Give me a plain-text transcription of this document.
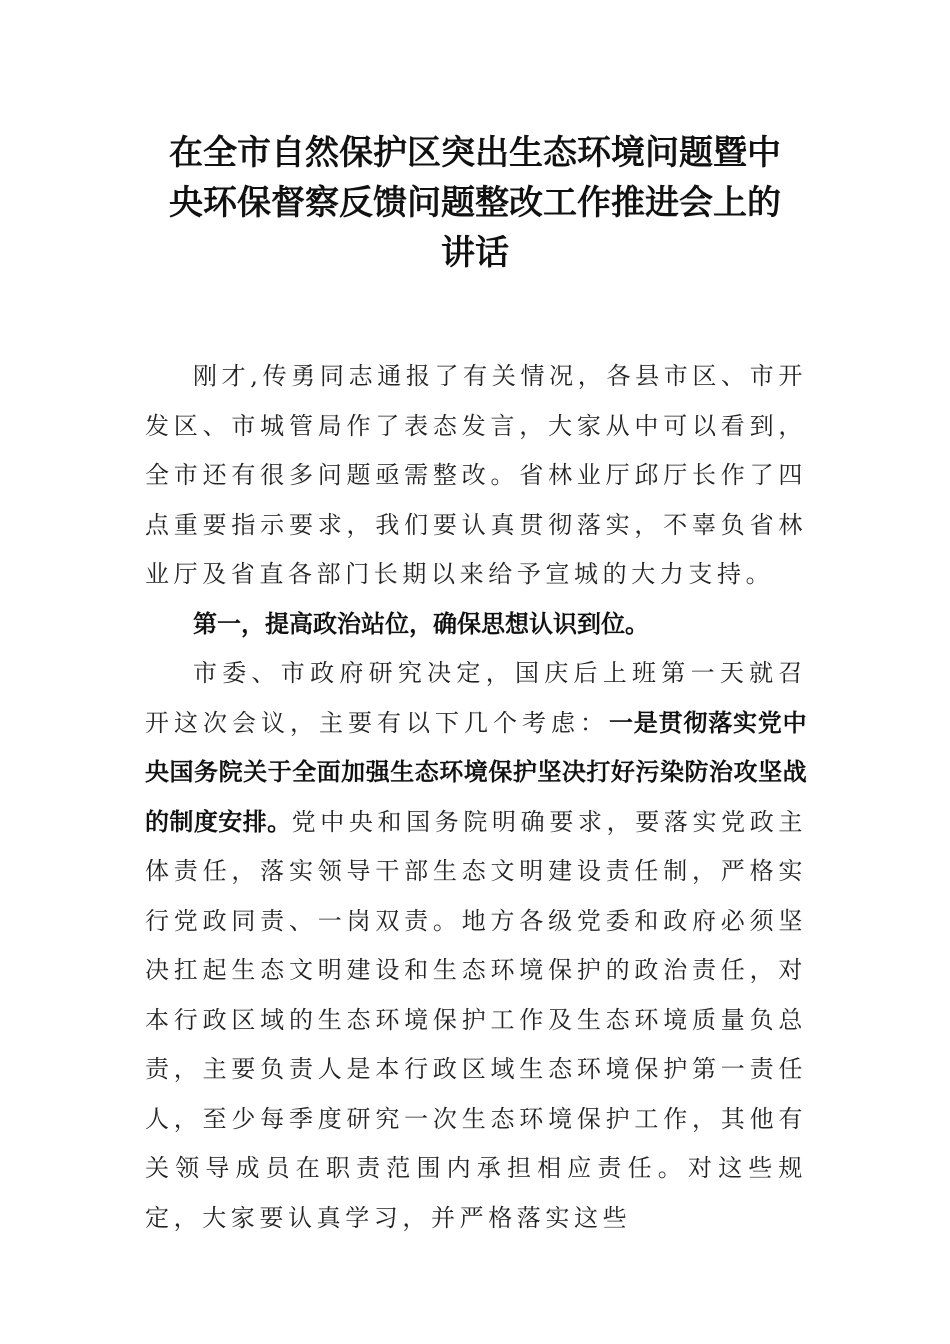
在全市自然保护区突出生态环境问题暨中
央环保督察反馈问题整改工作推进会上的
讲话

刚才,传勇同志通报了有关情况，各县市区、市开发区、市城管局作了表态发言，大家从中可以看到，全市还有很多问题亟需整改。省林业厅邱厅长作了四点重要指示要求，我们要认真贯彻落实，不辜负省林业厅及省直各部门长期以来给予宣城的大力支持。

第一，提高政治站位，确保思想认识到位。

市委、市政府研究决定，国庆后上班第一天就召开这次会议，主要有以下几个考虑：一是贯彻落实党中央国务院关于全面加强生态环境保护坚决打好污染防治攻坚战的制度安排。党中央和国务院明确要求，要落实党政主体责任，落实领导干部生态文明建设责任制，严格实行党政同责、一岗双责。地方各级党委和政府必须坚决扛起生态文明建设和生态环境保护的政治责任，对本行政区域的生态环境保护工作及生态环境质量负总责，主要负责人是本行政区域生态环境保护第一责任人，至少每季度研究一次生态环境保护工作，其他有关领导成员在职责范围内承担相应责任。对这些规定，大家要认真学习，并严格落实这些
